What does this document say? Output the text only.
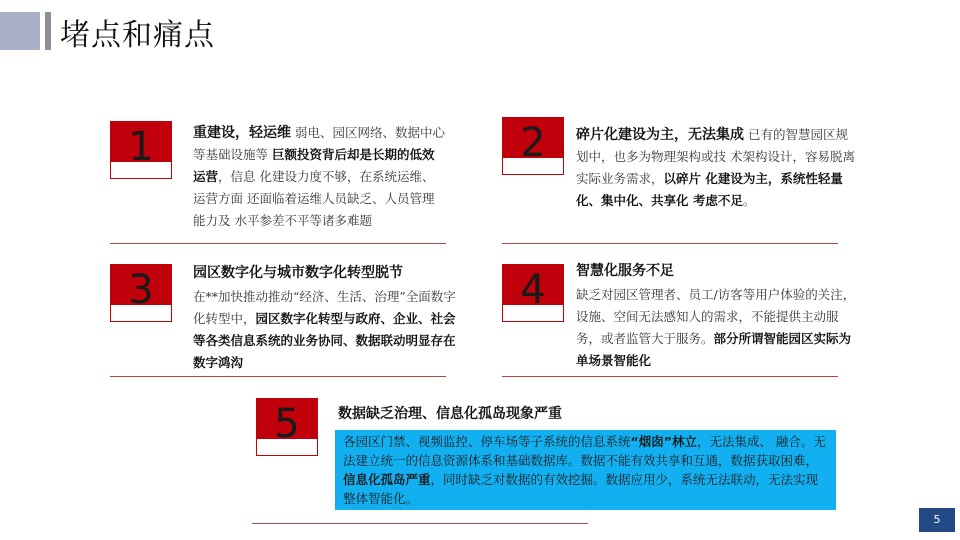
堵点和痛点
1	重建设，轻运维 弱电、园区网络、数据中心等基础设施等 巨额投资背后却是长期的低效运营，信息 化建设力度不够，在系统运维、运营方面 还面临着运维人员缺乏、人员管理能力及 水平参差不平等诸多难题
2	碎片化建设为主，无法集成 已有的智慧园区规划中，也多为物理架构或技 术架构设计，容易脱离实际业务需求，以碎片 化建设为主，系统性轻量化、集中化、共享化 考虑不足。
3	园区数字化与城市数字化转型脱节
在**加快推动推动“经济、生活、治理”全面数字化转型中，园区数字化转型与政府、企业、社会等各类信息系统的业务协同、数据联动明显存在数字鸿沟
4	智慧化服务不足
缺乏对园区管理者、员工/访客等用户体验的关注，设施、空间无法感知人的需求，不能提供主动服务，或者监管大于服务。部分所谓智能园区实际为单场景智能化
5	数据缺乏治理、信息化孤岛现象严重
各园区门禁、视频监控、停车场等子系统的信息系统“烟囱”林立，无法集成、 融合。无法建立统一的信息资源体系和基础数据库。数据不能有效共享和互通，数据获取困难，信息化孤岛严重，同时缺乏对数据的有效挖掘。数据应用少，系统无法联动，无法实现整体智能化。
5
